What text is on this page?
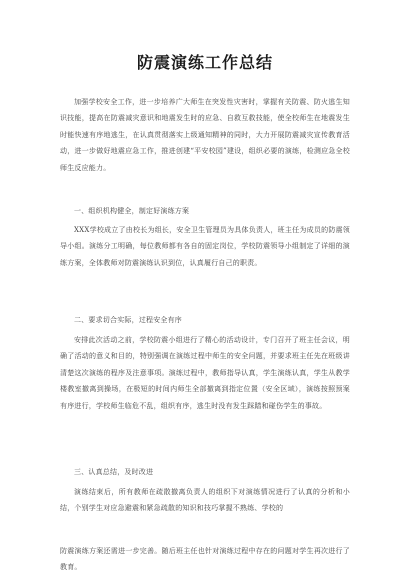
防震演练工作总结

加强学校安全工作，进一步培养广大师生在突发性灾害时，掌握有关防震、防火逃生知识技能，提高在防震减灾意识和地震发生时的应急、自救互救技能，使全校师生在地震发生时能快速有序地逃生，在认真贯彻落实上级通知精神的同时，大力开展防震减灾宣传教育活动，进一步做好地震应急工作，推进创建“平安校园”建设，组织必要的演练，检测应急全校师生反应能力。

一、组织机构健全，制定好演练方案

XXX学校成立了由校长为组长，安全卫生管理员为具体负责人，班主任为成员的防震领导小组。演练分工明确，每位教师都有各自的固定岗位，学校防震领导小组制定了详细的演练方案，全体教师对防震演练认识到位，认真履行自己的职责。

二、要求切合实际，过程安全有序

安排此次活动之前，学校防震小组进行了精心的活动设计，专门召开了班主任会议，明确了活动的意义和目的，特别强调在演练过程中师生的安全问题，并要求班主任先在班级讲清楚这次演练的程序及注意事项。演练过程中，教师指导认真，学生演练认真，学生从教学楼教室撤离到操场，在极短的时间内师生全部撤离到指定位置（安全区域），演练按照预案有序进行，学校师生临危不乱，组织有序，逃生时没有发生踩踏和碰伤学生的事故。

三、认真总结，及时改进

演练结束后，所有教师在疏散撤离负责人的组织下对演练情况进行了认真的分析和小结，个别学生对应急避震和紧急疏散的知识和技巧掌握不熟练、学校的

防震演练方案还需进一步完善。随后班主任也针对演练过程中存在的问题对学生再次进行了教育。
